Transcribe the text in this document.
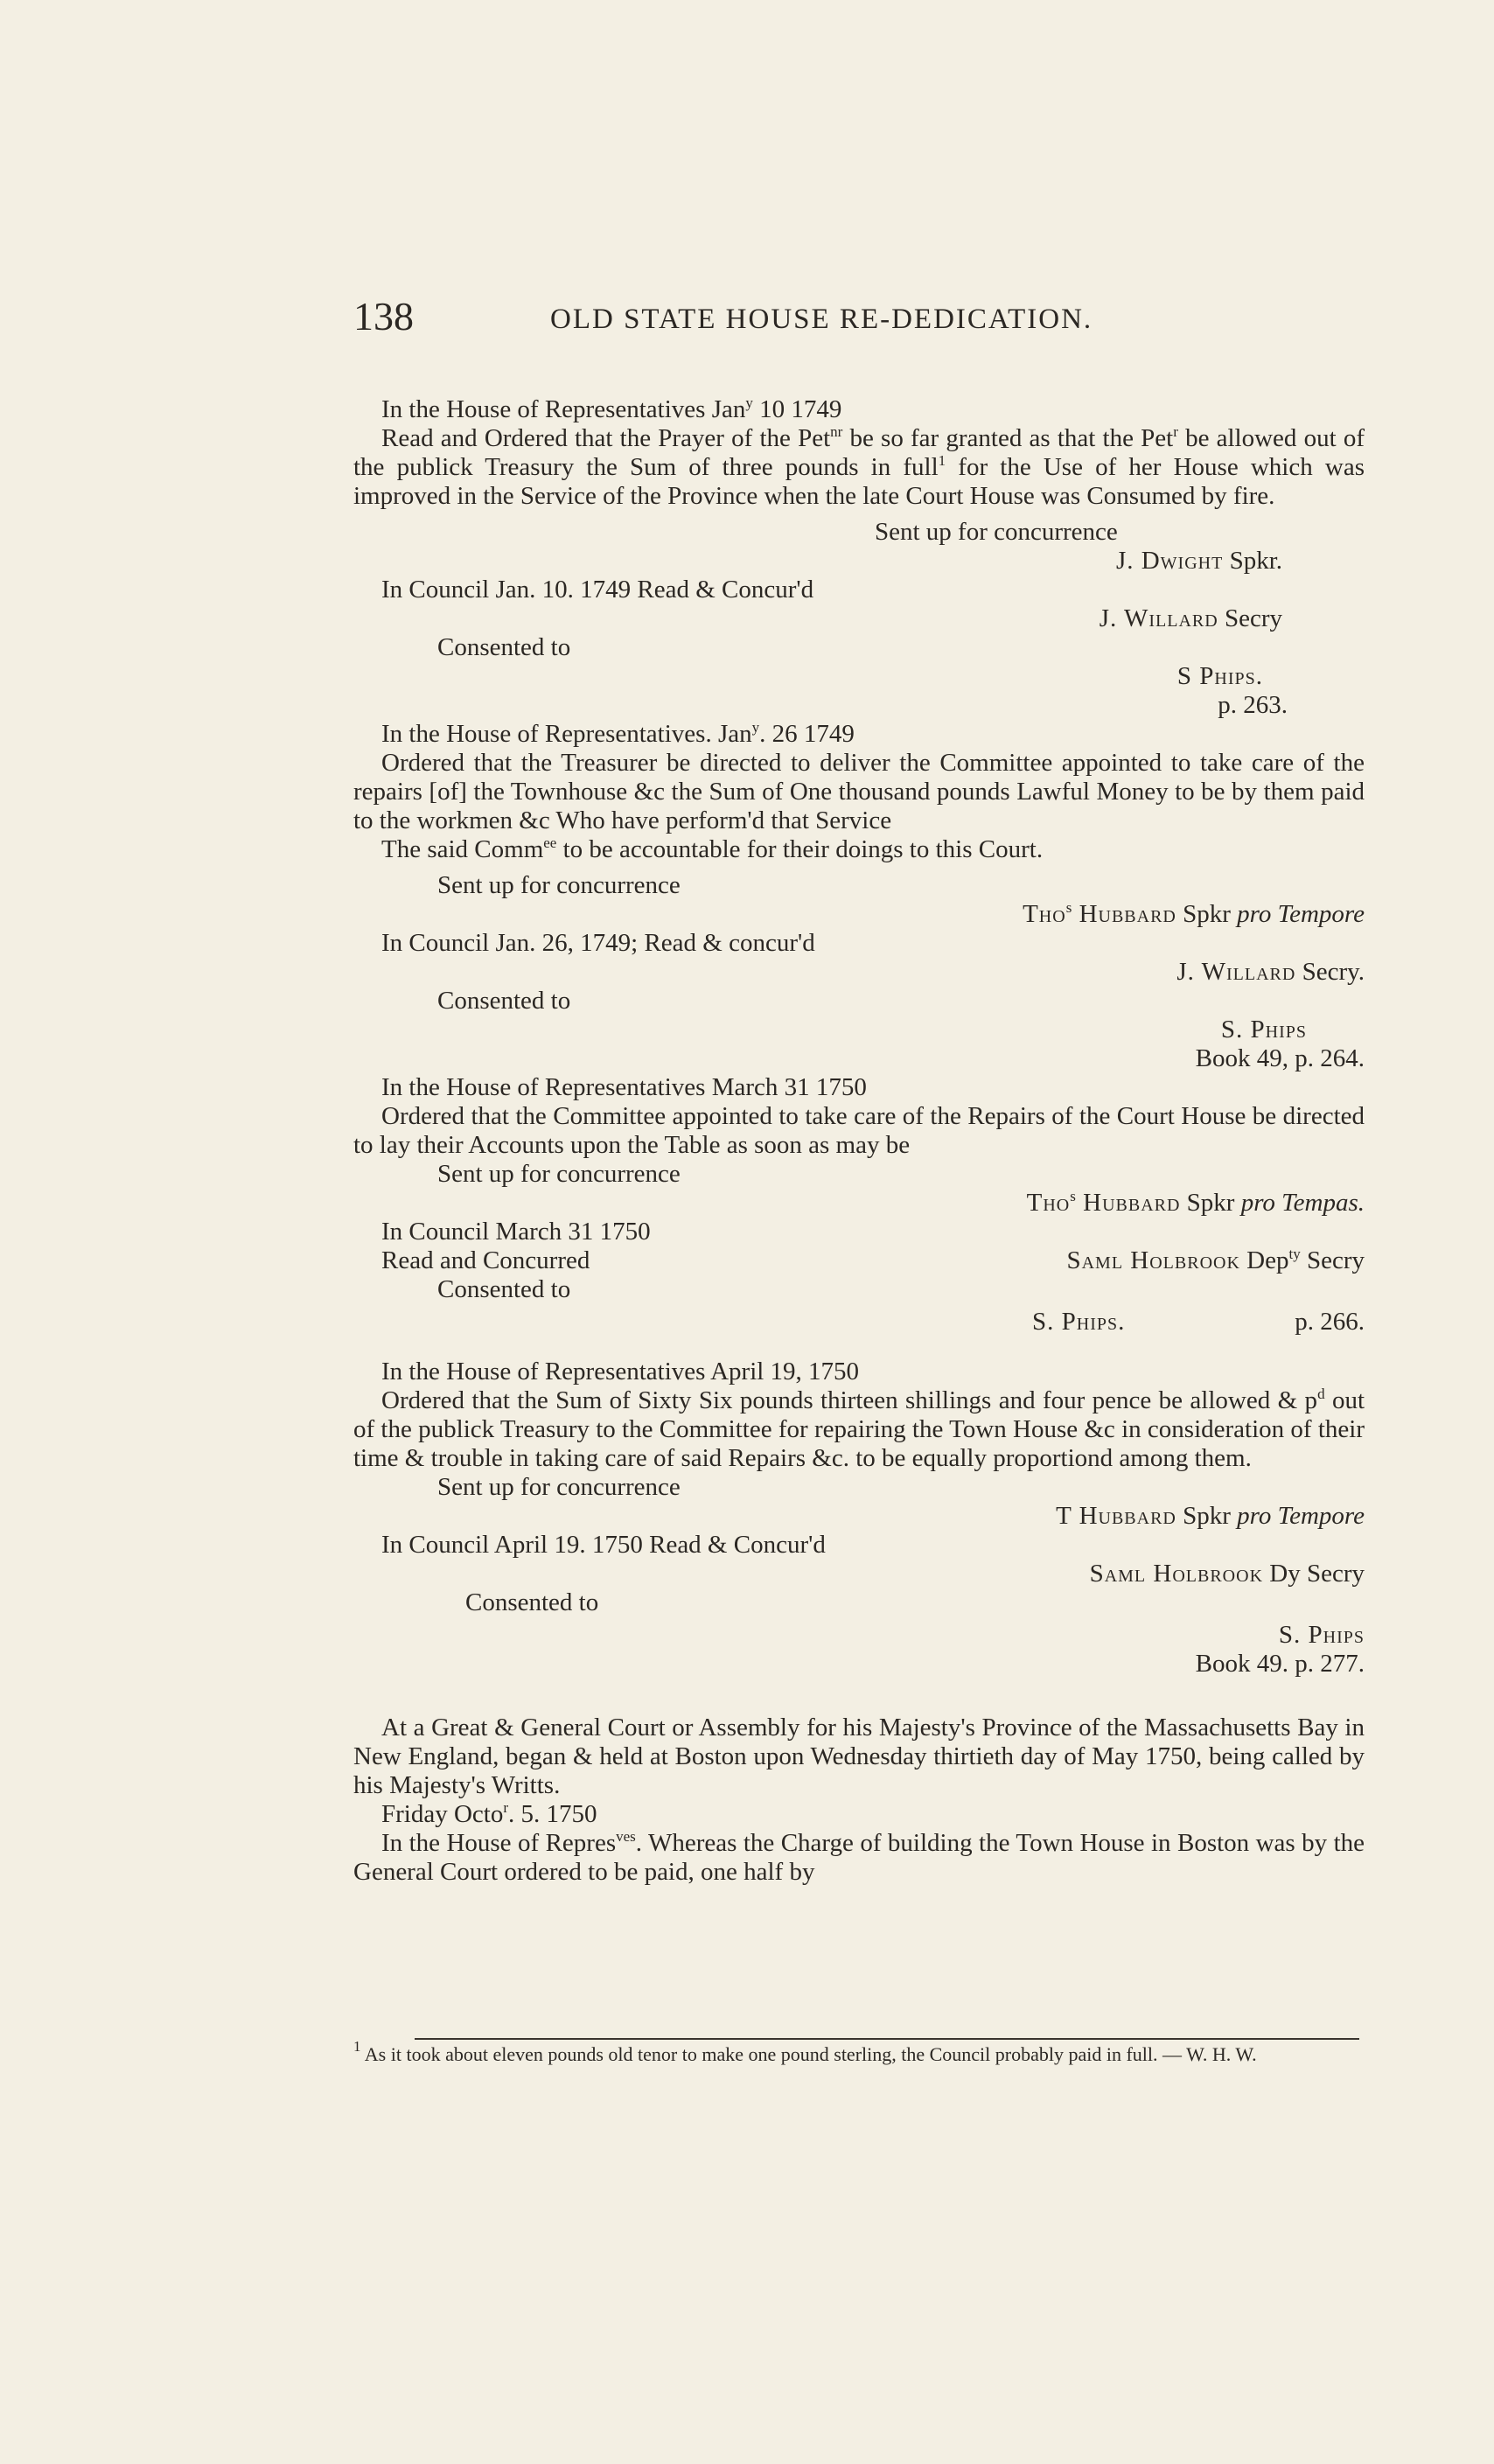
138	OLD STATE HOUSE RE-DEDICATION.
In the House of Representatives Jan$^y$ 10 1749
Read and Ordered that the Prayer of the Pet$^{nr}$ be so far granted as that the Pet$^r$ be allowed out of the publick Treasury the Sum of three pounds in full$^1$ for the Use of her House which was improved in the Service of the Province when the late Court House was Consumed by fire.
Sent up for concurrence
J. Dwight Spkr.
In Council Jan. 10. 1749 Read & Concur'd
J. Willard Secry
Consented to
S Phips.
p. 263.
In the House of Representatives. Jan$^y$. 26 1749
Ordered that the Treasurer be directed to deliver the Committee appointed to take care of the repairs [of] the Townhouse &c the Sum of One thousand pounds Lawful Money to be by them paid to the workmen &c Who have perform'd that Service
The said Comm$^{ee}$ to be accountable for their doings to this Court.
Sent up for concurrence
Tho$^s$ Hubbard Spkr pro Tempore
In Council Jan. 26, 1749; Read & concur'd
J. Willard Secry.
Consented to
S. Phips
Book 49, p. 264.
In the House of Representatives March 31 1750
Ordered that the Committee appointed to take care of the Repairs of the Court House be directed to lay their Accounts upon the Table as soon as may be
Sent up for concurrence
Tho$^s$ Hubbard Spkr pro Tempas.
In Council March 31 1750
Read and Concurred	Saml Holbrook Dep$^{ty}$ Secry
Consented to
S. Phips.	p. 266.
In the House of Representatives April 19, 1750
Ordered that the Sum of Sixty Six pounds thirteen shillings and four pence be allowed & $p^d$ out of the publick Treasury to the Committee for repairing the Town House &c in consideration of their time & trouble in taking care of said Repairs &c. to be equally proportiond among them.
Sent up for concurrence
T Hubbard Spkr pro Tempore
In Council April 19. 1750 Read & Concur'd
Saml Holbrook Dy Secry
Consented to
S. Phips
Book 49. p. 277.
At a Great & General Court or Assembly for his Majesty's Province of the Massachusetts Bay in New England, began & held at Boston upon Wednesday thirtieth day of May 1750, being called by his Majesty's Writts.
Friday Octo$^r$. 5. 1750
In the House of Repres$^{ves}$. Whereas the Charge of building the Town House in Boston was by the General Court ordered to be paid, one half by
$^1$ As it took about eleven pounds old tenor to make one pound sterling, the Council probably paid in full. — W. H. W.
